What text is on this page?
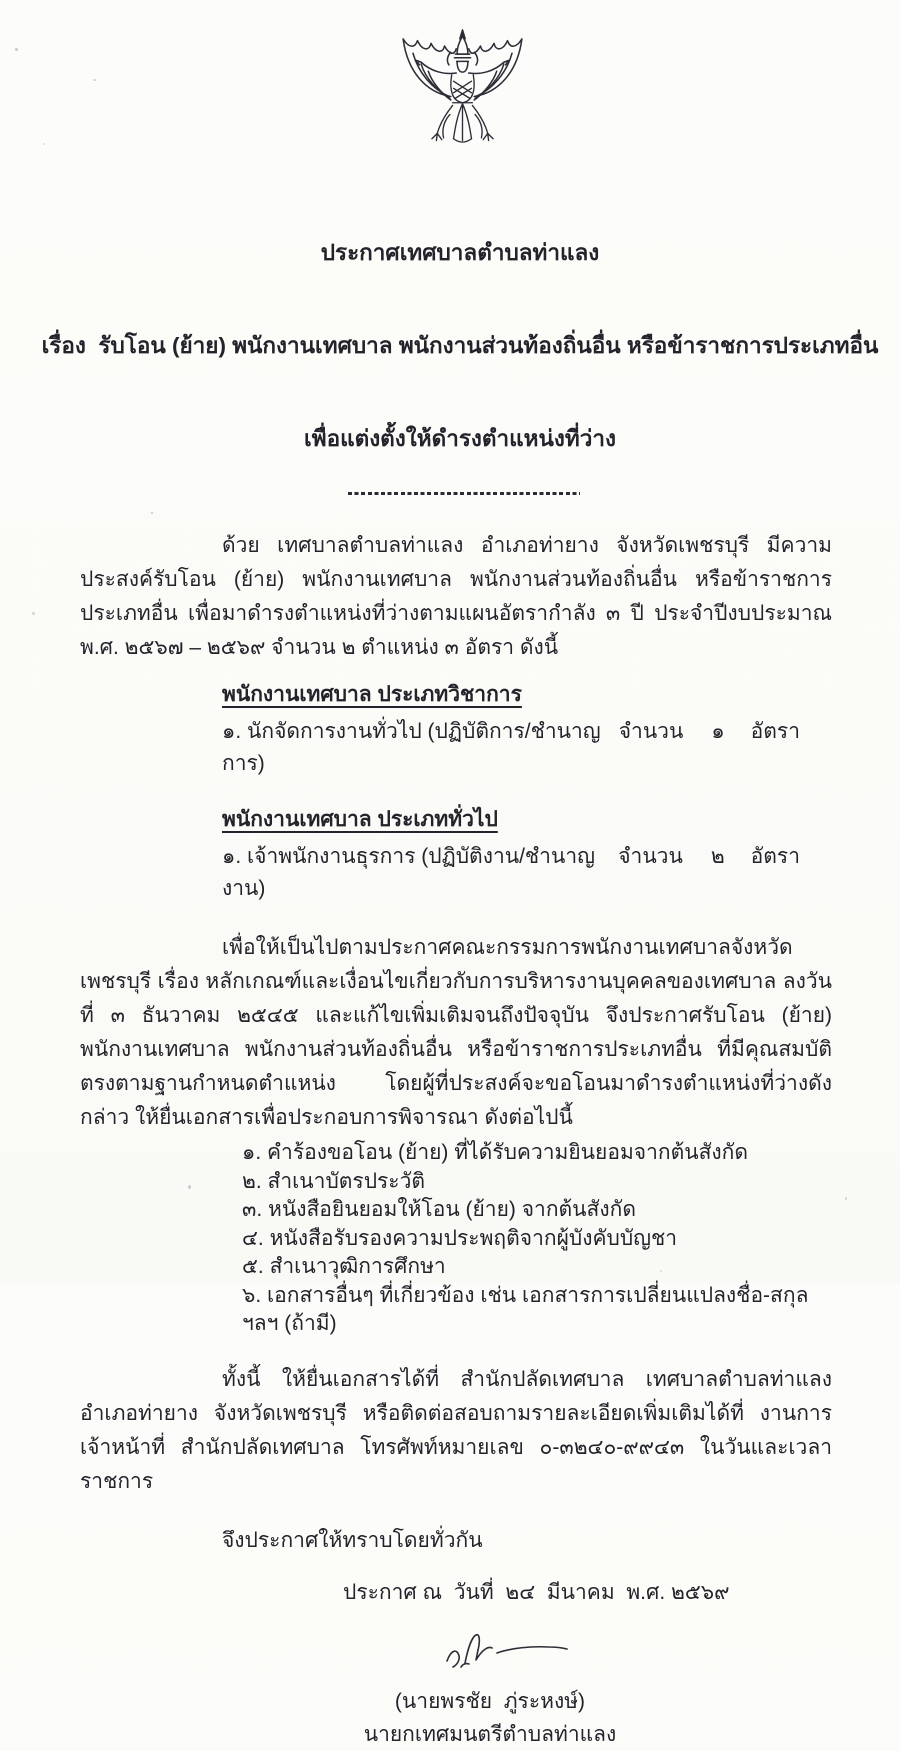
ประกาศเทศบาลตำบลท่าแลง

เรื่อง  รับโอน (ย้าย) พนักงานเทศบาล พนักงานส่วนท้องถิ่นอื่น หรือข้าราชการประเภทอื่น

เพื่อแต่งตั้งให้ดำรงตำแหน่งที่ว่าง

ด้วย เทศบาลตำบลท่าแลง อำเภอท่ายาง จังหวัดเพชรบุรี มีความประสงค์รับโอน (ย้าย) พนักงานเทศบาล พนักงานส่วนท้องถิ่นอื่น หรือข้าราชการประเภทอื่น เพื่อมาดำรงตำแหน่งที่ว่างตามแผนอัตรากำลัง ๓ ปี ประจำปีงบประมาณ พ.ศ. ๒๕๖๗ – ๒๕๖๙ จำนวน ๒ ตำแหน่ง ๓ อัตรา ดังนี้

พนักงานเทศบาล ประเภทวิชาการ
๑. นักจัดการงานทั่วไป (ปฏิบัติการ/ชำนาญการ)
จำนวน ๑ อัตรา
พนักงานเทศบาล ประเภททั่วไป
๑. เจ้าพนักงานธุรการ (ปฏิบัติงาน/ชำนาญงาน)
จำนวน ๒ อัตรา

เพื่อให้เป็นไปตามประกาศคณะกรรมการพนักงานเทศบาลจังหวัดเพชรบุรี เรื่อง หลักเกณฑ์และเงื่อนไขเกี่ยวกับการบริหารงานบุคคลของเทศบาล ลงวันที่ ๓ ธันวาคม ๒๕๔๕ และแก้ไขเพิ่มเติมจนถึงปัจจุบัน จึงประกาศรับโอน (ย้าย) พนักงานเทศบาล พนักงานส่วนท้องถิ่นอื่น หรือข้าราชการประเภทอื่น ที่มีคุณสมบัติตรงตามฐานกำหนดตำแหน่ง โดยผู้ที่ประสงค์จะขอโอนมาดำรงตำแหน่งที่ว่างดังกล่าว ให้ยื่นเอกสารเพื่อประกอบการพิจารณา ดังต่อไปนี้

๑. คำร้องขอโอน (ย้าย) ที่ได้รับความยินยอมจากต้นสังกัด
๒. สำเนาบัตรประวัติ
๓. หนังสือยินยอมให้โอน (ย้าย) จากต้นสังกัด
๔. หนังสือรับรองความประพฤติจากผู้บังคับบัญชา
๕. สำเนาวุฒิการศึกษา
๖. เอกสารอื่นๆ ที่เกี่ยวข้อง เช่น เอกสารการเปลี่ยนแปลงชื่อ-สกุล ฯลฯ (ถ้ามี)

ทั้งนี้ ให้ยื่นเอกสารได้ที่ สำนักปลัดเทศบาล เทศบาลตำบลท่าแลง อำเภอท่ายาง จังหวัดเพชรบุรี หรือติดต่อสอบถามรายละเอียดเพิ่มเติมได้ที่ งานการเจ้าหน้าที่ สำนักปลัดเทศบาล โทรศัพท์หมายเลข ๐-๓๒๔๐-๙๙๔๓ ในวันและเวลาราชการ

จึงประกาศให้ทราบโดยทั่วกัน
ประกาศ ณ  วันที่  ๒๔  มีนาคม  พ.ศ. ๒๕๖๙
(นายพรชัย  ภู่ระหงษ์)
นายกเทศมนตรีตำบลท่าแลง
